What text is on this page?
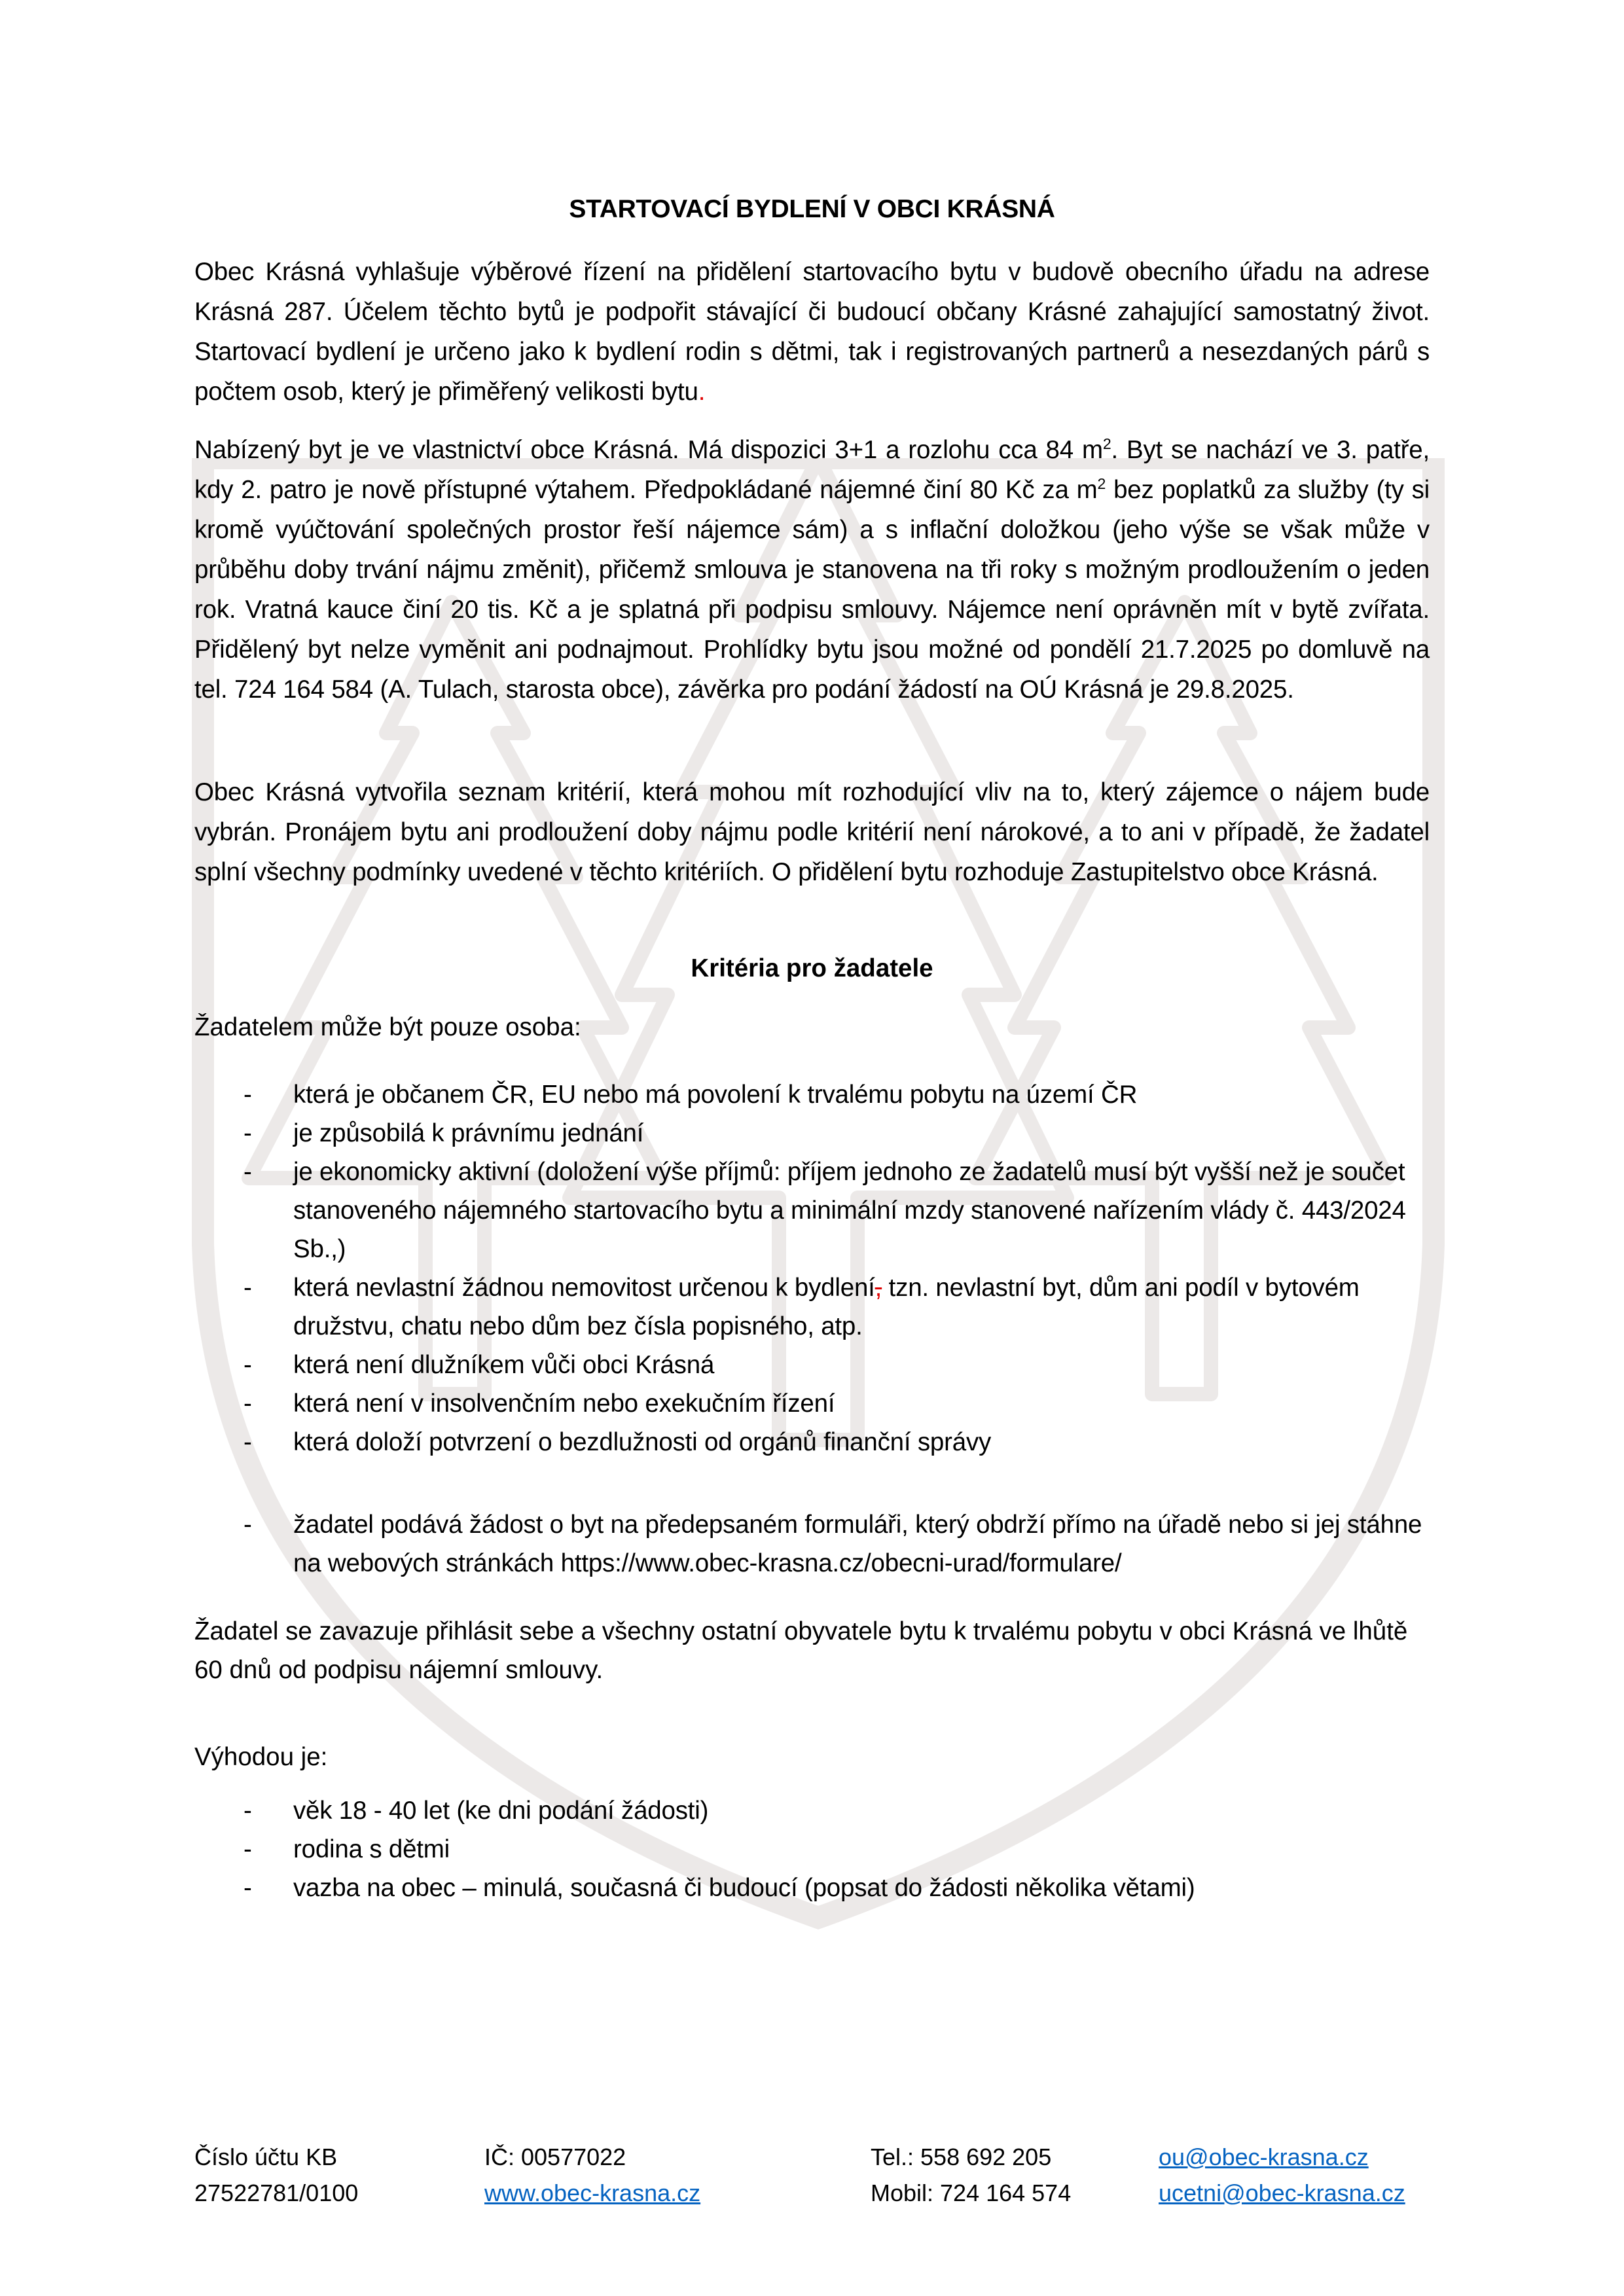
STARTOVACÍ BYDLENÍ V OBCI KRÁSNÁ
Obec Krásná vyhlašuje výběrové řízení na přidělení startovacího bytu v budově obecního úřadu na adrese Krásná 287. Účelem těchto bytů je podpořit stávající či budoucí občany Krásné zahajující samostatný život. Startovací bydlení je určeno jako k bydlení rodin s dětmi, tak i registrovaných partnerů a nesezdaných párů s počtem osob, který je přiměřený velikosti bytu.
Nabízený byt je ve vlastnictví obce Krásná. Má dispozici 3+1 a rozlohu cca 84 $m^2$. Byt se nachází ve 3. patře, kdy 2. patro je nově přístupné výtahem. Předpokládané nájemné činí 80 Kč za $m^2$ bez poplatků za služby (ty si kromě vyúčtování společných prostor řeší nájemce sám) a s inflační doložkou (jeho výše se však může v průběhu doby trvání nájmu změnit), přičemž smlouva je stanovena na tři roky s možným prodloužením o jeden rok. Vratná kauce činí 20 tis. Kč a je splatná při podpisu smlouvy. Nájemce není oprávněn mít v bytě zvířata. Přidělený byt nelze vyměnit ani podnajmout. Prohlídky bytu jsou možné od pondělí 21.7.2025 po domluvě na tel. 724 164 584 (A. Tulach, starosta obce), závěrka pro podání žádostí na OÚ Krásná je 29.8.2025.
Obec Krásná vytvořila seznam kritérií, která mohou mít rozhodující vliv na to, který zájemce o nájem bude vybrán. Pronájem bytu ani prodloužení doby nájmu podle kritérií není nárokové, a to ani v případě, že žadatel splní všechny podmínky uvedené v těchto kritériích. O přidělení bytu rozhoduje Zastupitelstvo obce Krásná.
Kritéria pro žadatele
Žadatelem může být pouze osoba:
- která je občanem ČR, EU nebo má povolení k trvalému pobytu na území ČR
- je způsobilá k právnímu jednání
- je ekonomicky aktivní (doložení výše příjmů: příjem jednoho ze žadatelů musí být vyšší než je součet stanoveného nájemného startovacího bytu a minimální mzdy stanovené nařízením vlády č. 443/2024 Sb.,)
- která nevlastní žádnou nemovitost určenou k bydlení, tzn. nevlastní byt, dům ani podíl v bytovém družstvu, chatu nebo dům bez čísla popisného, atp.
- která není dlužníkem vůči obci Krásná
- která není v insolvenčním nebo exekučním řízení
- která doloží potvrzení o bezdlužnosti od orgánů finanční správy
- žadatel podává žádost o byt na předepsaném formuláři, který obdrží přímo na úřadě nebo si jej stáhne na webových stránkách https://www.obec-krasna.cz/obecni-urad/formulare/
Žadatel se zavazuje přihlásit sebe a všechny ostatní obyvatele bytu k trvalému pobytu v obci Krásná ve lhůtě 60 dnů od podpisu nájemní smlouvy.
Výhodou je:
- věk 18 - 40 let (ke dni podání žádosti)
- rodina s dětmi
- vazba na obec – minulá, současná či budoucí (popsat do žádosti několika větami)
Číslo účtu KB
27522781/0100
IČ: 00577022
www.obec-krasna.cz
Tel.: 558 692 205
Mobil: 724 164 574
ou@obec-krasna.cz
ucetni@obec-krasna.cz
